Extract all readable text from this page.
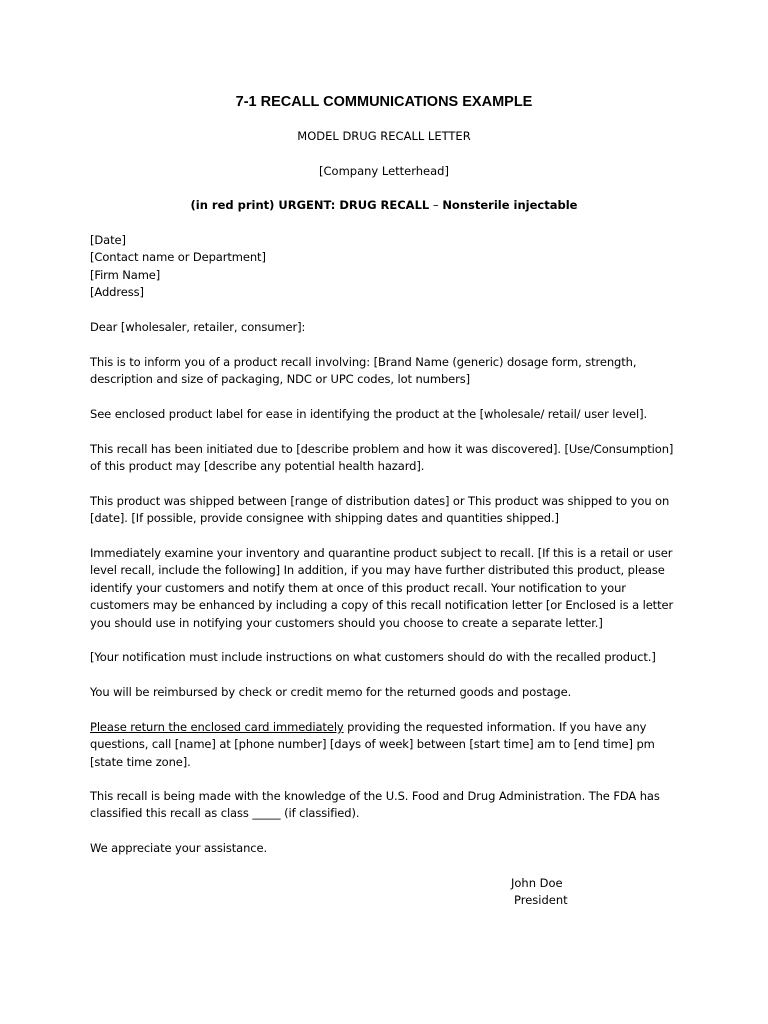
7-1 RECALL COMMUNICATIONS EXAMPLE
MODEL DRUG RECALL LETTER
[Company Letterhead]
(in red print) URGENT: DRUG RECALL – Nonsterile injectable
[Date]
[Contact name or Department]
[Firm Name]
[Address]
Dear [wholesaler, retailer, consumer]:
This is to inform you of a product recall involving: [Brand Name (generic) dosage form, strength,
description and size of packaging, NDC or UPC codes, lot numbers]
See enclosed product label for ease in identifying the product at the [wholesale/ retail/ user level].
This recall has been initiated due to [describe problem and how it was discovered]. [Use/Consumption]
of this product may [describe any potential health hazard].
This product was shipped between [range of distribution dates] or This product was shipped to you on
[date]. [If possible, provide consignee with shipping dates and quantities shipped.]
Immediately examine your inventory and quarantine product subject to recall. [If this is a retail or user
level recall, include the following] In addition, if you may have further distributed this product, please
identify your customers and notify them at once of this product recall. Your notification to your
customers may be enhanced by including a copy of this recall notification letter [or Enclosed is a letter
you should use in notifying your customers should you choose to create a separate letter.]
[Your notification must include instructions on what customers should do with the recalled product.]
You will be reimbursed by check or credit memo for the returned goods and postage.
Please return the enclosed card immediately providing the requested information. If you have any
questions, call [name] at [phone number] [days of week] between [start time] am to [end time] pm
[state time zone].
This recall is being made with the knowledge of the U.S. Food and Drug Administration. The FDA has
classified this recall as class _____ (if classified).
We appreciate your assistance.
John Doe
President
